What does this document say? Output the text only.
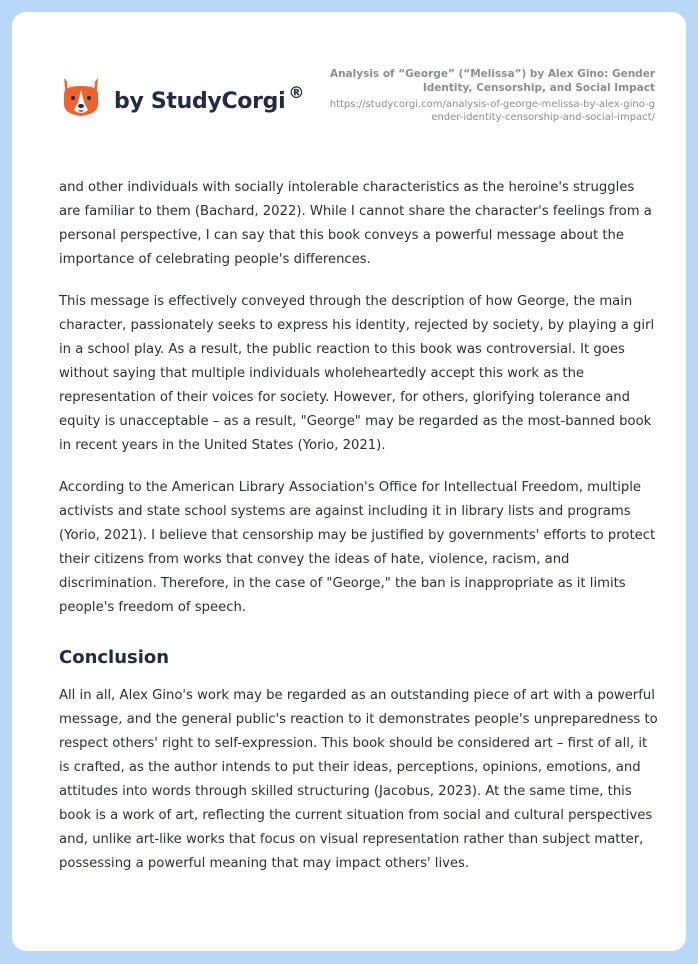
by StudyCorgi ®
Analysis of “George” (“Melissa”) by Alex Gino: Gender Identity, Censorship, and Social Impact
https://studycorgi.com/analysis-of-george-melissa-by-alex-gino-gender-identity-censorship-and-social-impact/

and other individuals with socially intolerable characteristics as the heroine's struggles are familiar to them (Bachard, 2022). While I cannot share the character's feelings from a personal perspective, I can say that this book conveys a powerful message about the importance of celebrating people's differences.

This message is effectively conveyed through the description of how George, the main character, passionately seeks to express his identity, rejected by society, by playing a girl in a school play. As a result, the public reaction to this book was controversial. It goes without saying that multiple individuals wholeheartedly accept this work as the representation of their voices for society. However, for others, glorifying tolerance and equity is unacceptable – as a result, "George" may be regarded as the most-banned book in recent years in the United States (Yorio, 2021).

According to the American Library Association's Office for Intellectual Freedom, multiple activists and state school systems are against including it in library lists and programs (Yorio, 2021). I believe that censorship may be justified by governments' efforts to protect their citizens from works that convey the ideas of hate, violence, racism, and discrimination. Therefore, in the case of "George," the ban is inappropriate as it limits people's freedom of speech.

Conclusion

All in all, Alex Gino's work may be regarded as an outstanding piece of art with a powerful message, and the general public's reaction to it demonstrates people's unpreparedness to respect others' right to self-expression. This book should be considered art – first of all, it is crafted, as the author intends to put their ideas, perceptions, opinions, emotions, and attitudes into words through skilled structuring (Jacobus, 2023). At the same time, this book is a work of art, reflecting the current situation from social and cultural perspectives and, unlike art-like works that focus on visual representation rather than subject matter, possessing a powerful meaning that may impact others' lives.
